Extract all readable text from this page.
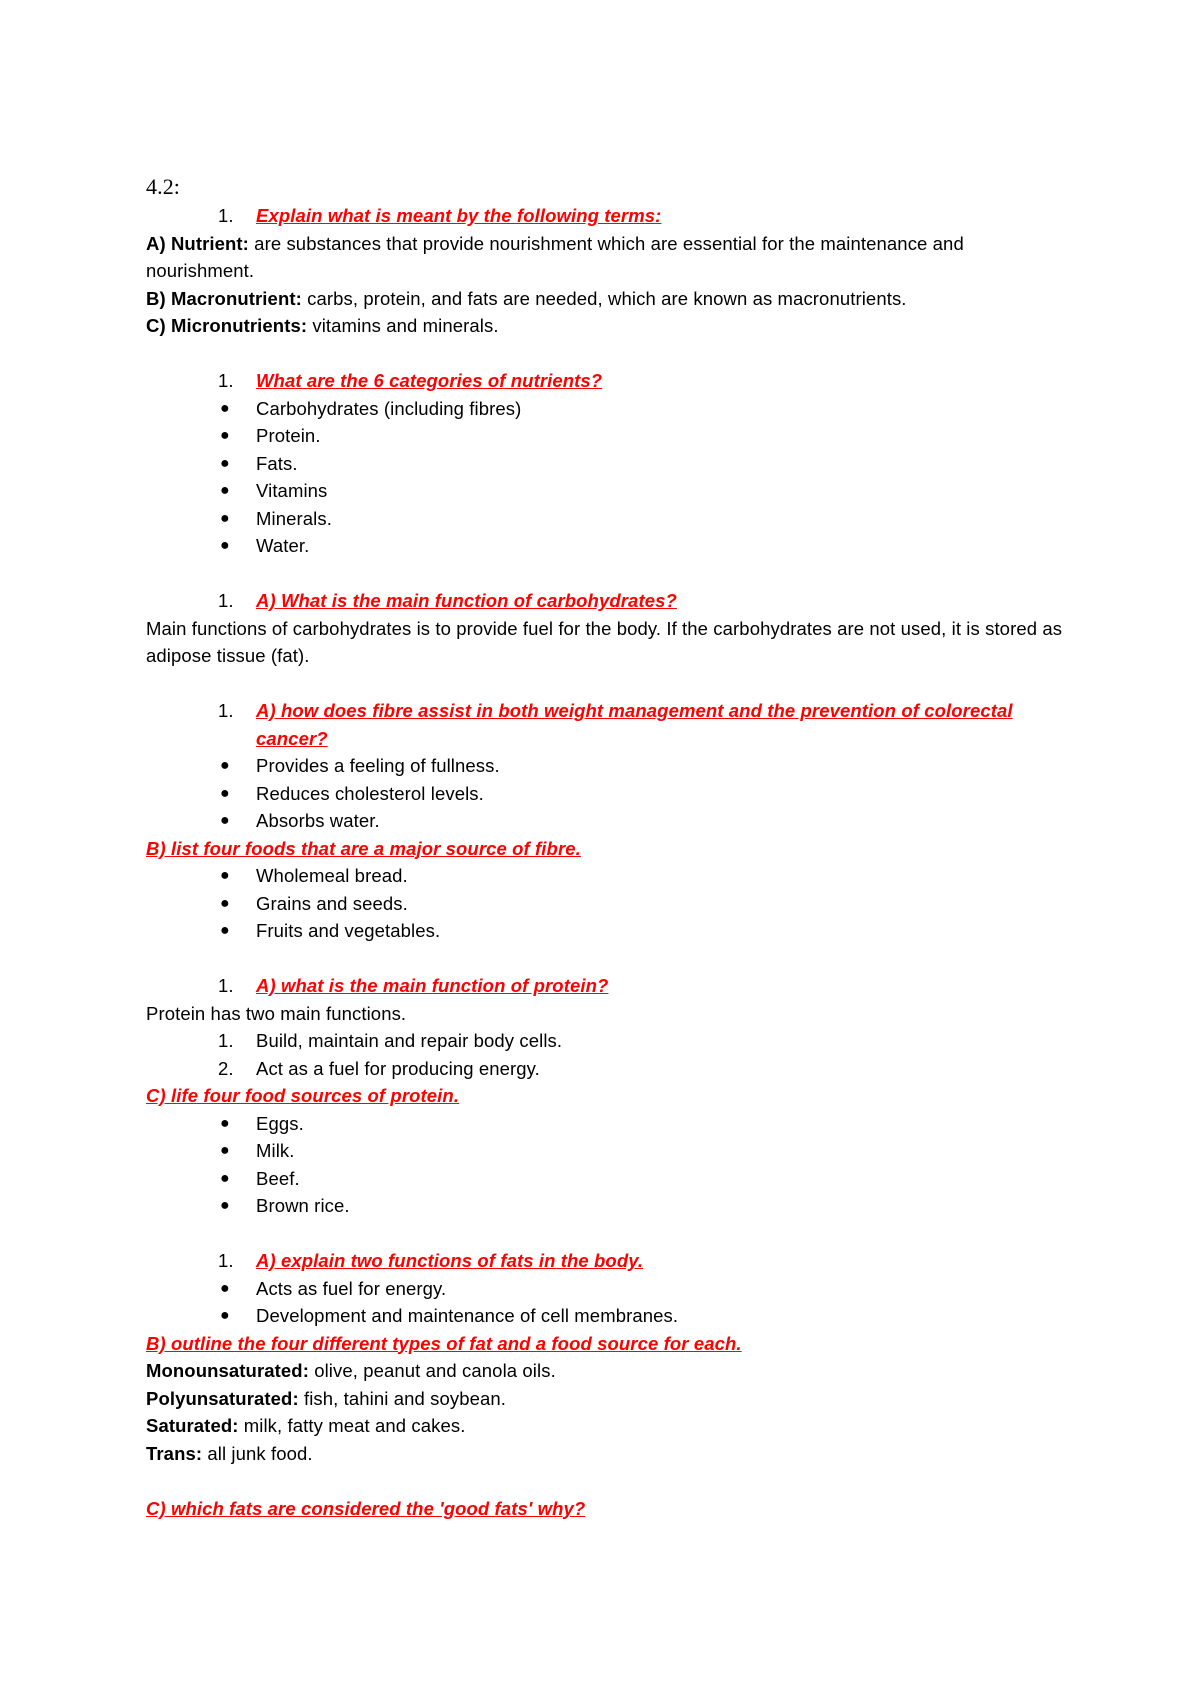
4.2:
1. Explain what is meant by the following terms:
A) Nutrient: are substances that provide nourishment which are essential for the maintenance and nourishment.
B) Macronutrient: carbs, protein, and fats are needed, which are known as macronutrients.
C) Micronutrients: vitamins and minerals.
1. What are the 6 categories of nutrients?
● Carbohydrates (including fibres)
● Protein.
● Fats.
● Vitamins
● Minerals.
● Water.
1. A) What is the main function of carbohydrates?
Main functions of carbohydrates is to provide fuel for the body. If the carbohydrates are not used, it is stored as adipose tissue (fat).
1. A) how does fibre assist in both weight management and the prevention of colorectal cancer?
● Provides a feeling of fullness.
● Reduces cholesterol levels.
● Absorbs water.
B) list four foods that are a major source of fibre.
● Wholemeal bread.
● Grains and seeds.
● Fruits and vegetables.
1. A) what is the main function of protein?
Protein has two main functions.
1. Build, maintain and repair body cells.
2. Act as a fuel for producing energy.
C) life four food sources of protein.
● Eggs.
● Milk.
● Beef.
● Brown rice.
1. A) explain two functions of fats in the body.
● Acts as fuel for energy.
● Development and maintenance of cell membranes.
B) outline the four different types of fat and a food source for each.
Monounsaturated: olive, peanut and canola oils.
Polyunsaturated: fish, tahini and soybean.
Saturated: milk, fatty meat and cakes.
Trans: all junk food.
C) which fats are considered the 'good fats' why?
